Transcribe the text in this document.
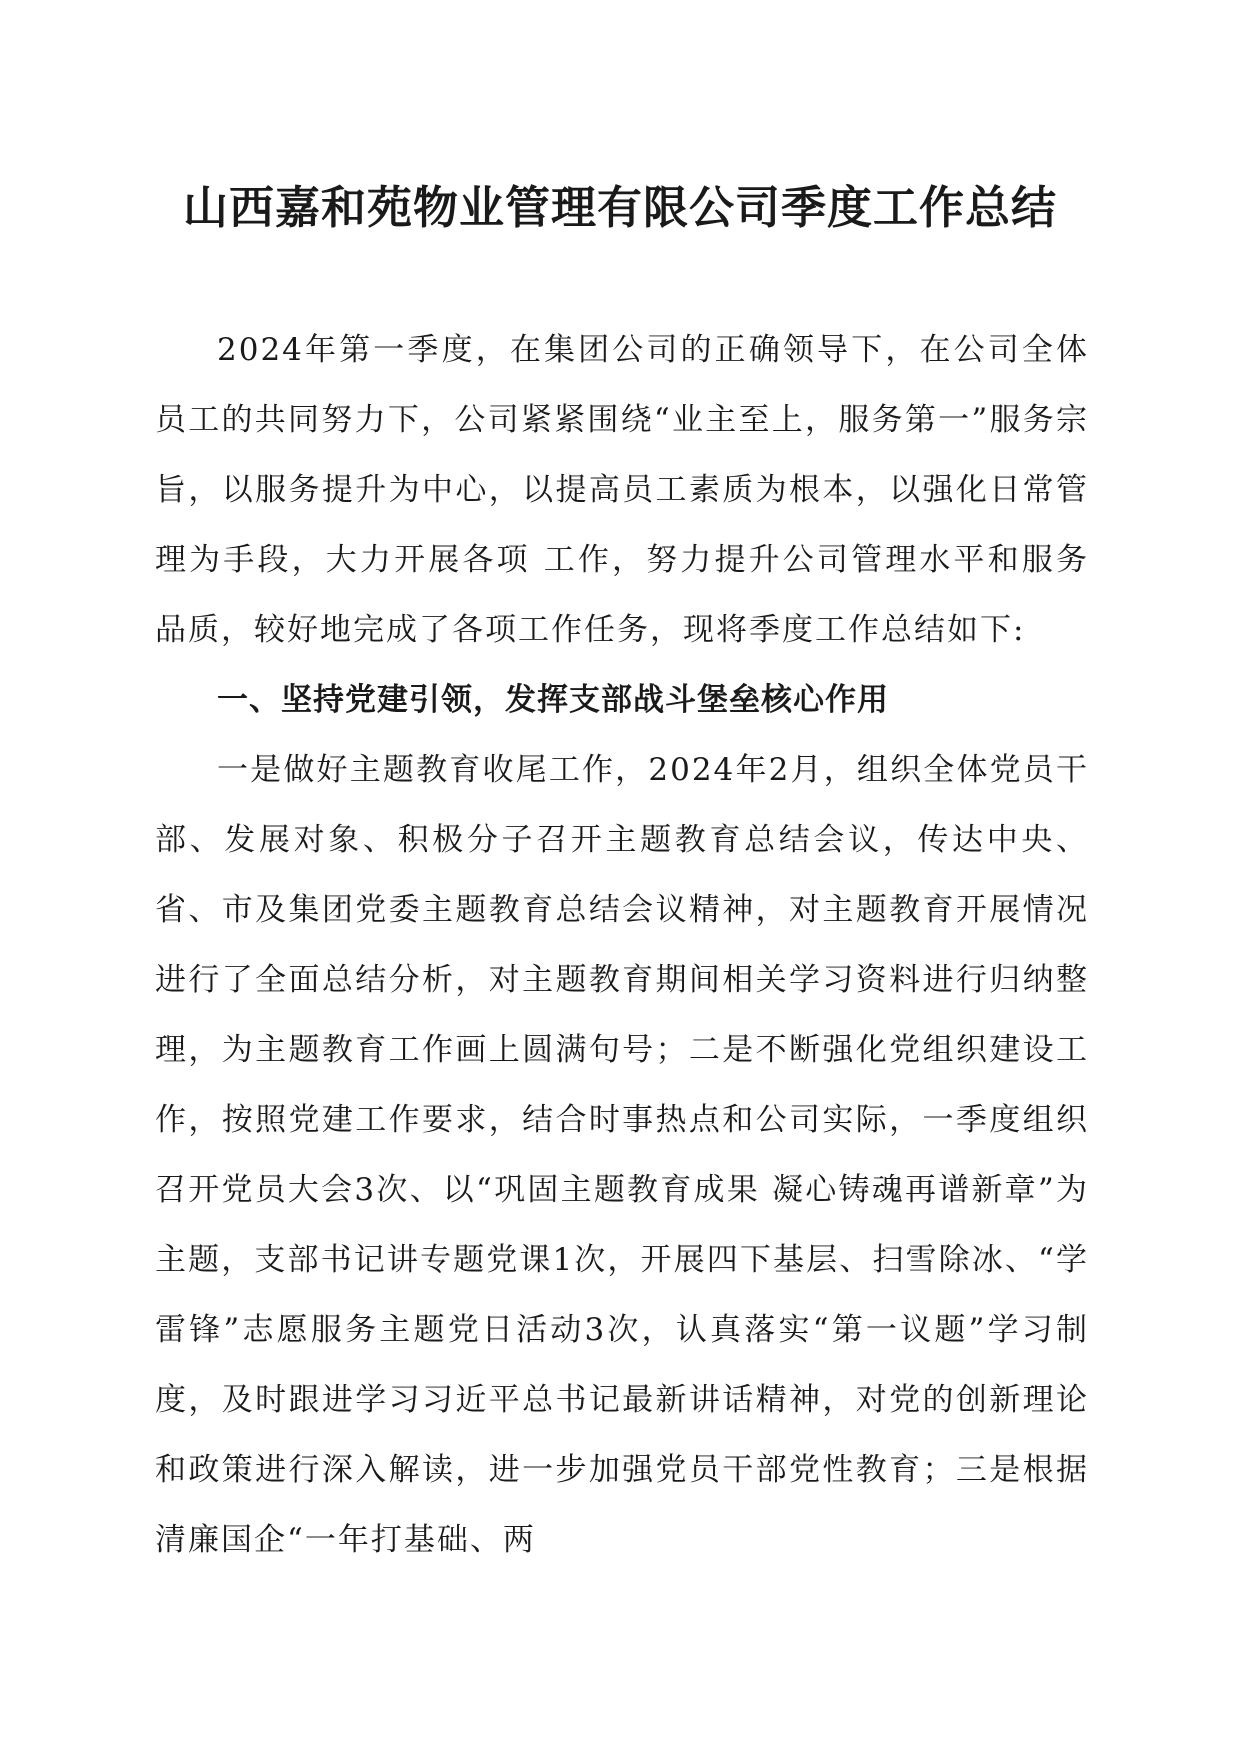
山西嘉和苑物业管理有限公司季度工作总结

2024年第一季度，在集团公司的正确领导下，在公司全体员工的共同努力下，公司紧紧围绕“业主至上，服务第一”服务宗旨，以服务提升为中心，以提高员工素质为根本，以强化日常管理为手段，大力开展各项 工作，努力提升公司管理水平和服务品质，较好地完成了各项工作任务，现将季度工作总结如下:

一、坚持党建引领，发挥支部战斗堡垒核心作用

一是做好主题教育收尾工作，2024年2月，组织全体党员干部、发展对象、积极分子召开主题教育总结会议，传达中央、省、市及集团党委主题教育总结会议精神，对主题教育开展情况进行了全面总结分析，对主题教育期间相关学习资料进行归纳整理，为主题教育工作画上圆满句号；二是不断强化党组织建设工作，按照党建工作要求，结合时事热点和公司实际，一季度组织召开党员大会3次、以“巩固主题教育成果 凝心铸魂再谱新章”为主题，支部书记讲专题党课1次，开展四下基层、扫雪除冰、“学雷锋”志愿服务主题党日活动3次，认真落实“第一议题”学习制度，及时跟进学习习近平总书记最新讲话精神，对党的创新理论和政策进行深入解读，进一步加强党员干部党性教育；三是根据清廉国企“一年打基础、两
